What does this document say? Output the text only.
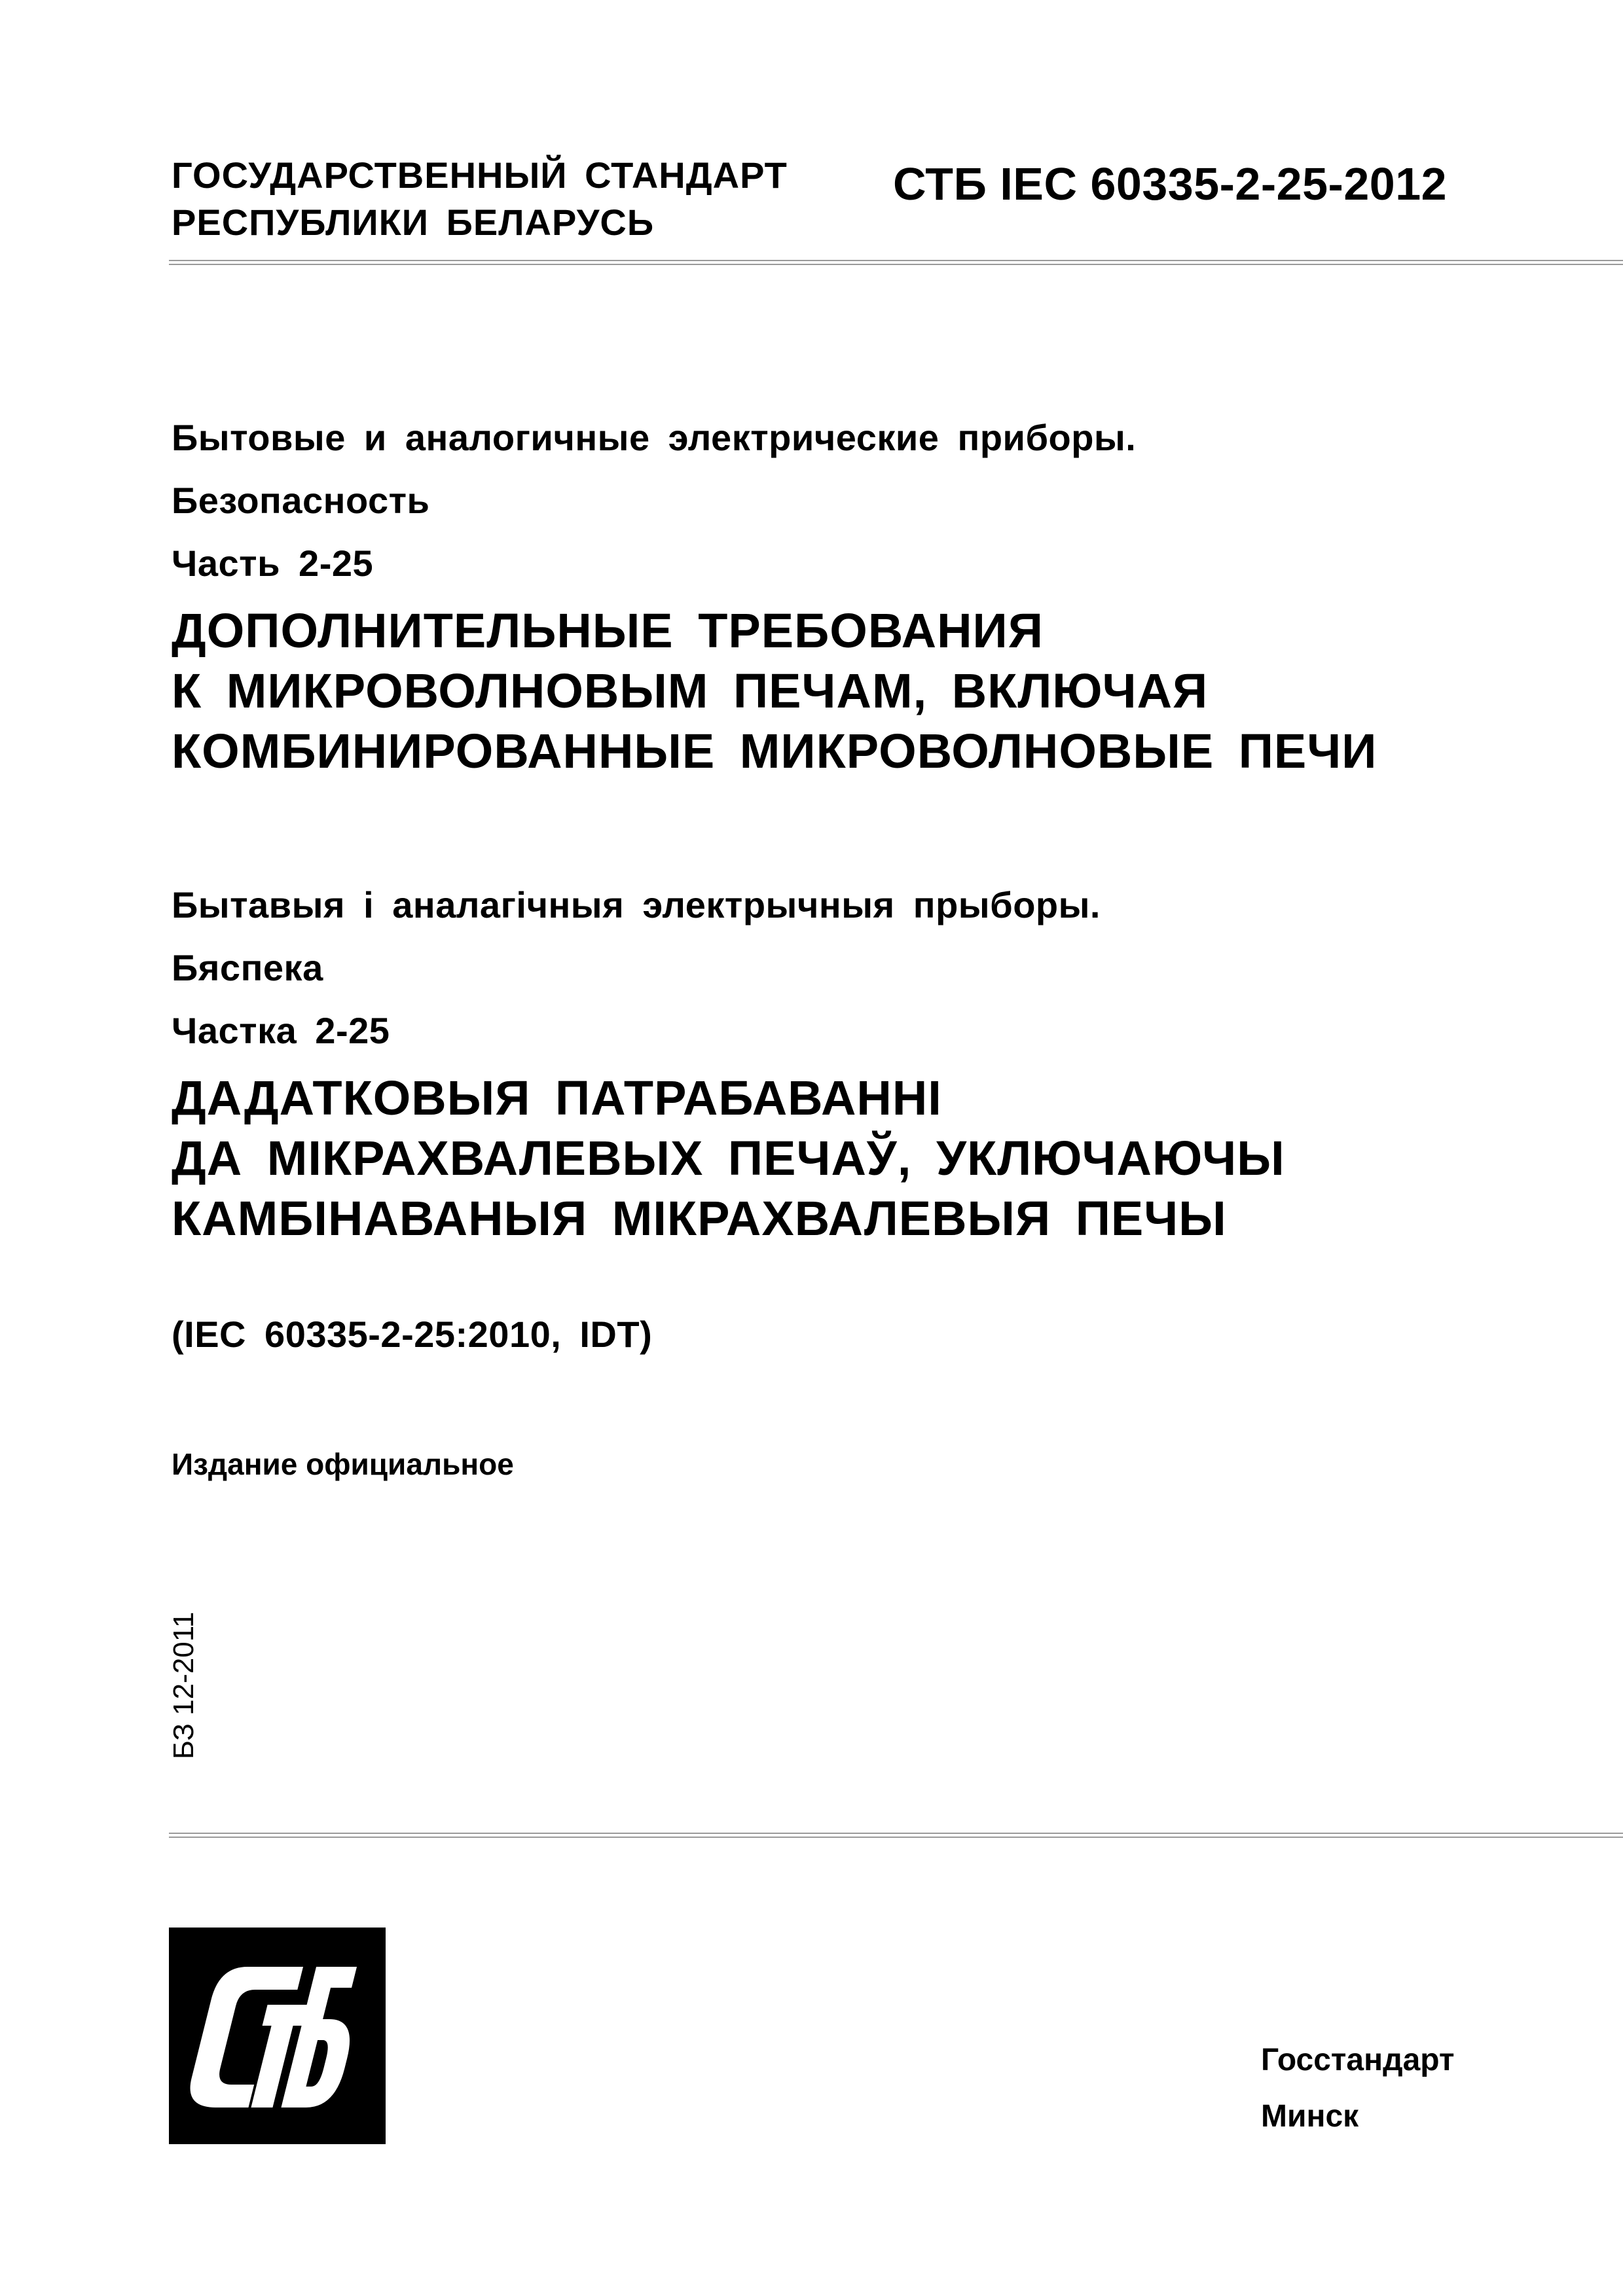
ГОСУДАРСТВЕННЫЙ СТАНДАРТ
РЕСПУБЛИКИ БЕЛАРУСЬ
СТБ IEC 60335-2-25-2012
Бытовые и аналогичные электрические приборы.
Безопасность
Часть 2-25
ДОПОЛНИТЕЛЬНЫЕ ТРЕБОВАНИЯ
К МИКРОВОЛНОВЫМ ПЕЧАМ, ВКЛЮЧАЯ
КОМБИНИРОВАННЫЕ МИКРОВОЛНОВЫЕ ПЕЧИ
Бытавыя і аналагічныя электрычныя прыборы.
Бяспека
Частка 2-25
ДАДАТКОВЫЯ ПАТРАБАВАННІ
ДА МІКРАХВАЛЕВЫХ ПЕЧАЎ, УКЛЮЧАЮЧЫ
КАМБІНАВАНЫЯ МІКРАХВАЛЕВЫЯ ПЕЧЫ
(IEC 60335-2-25:2010, IDT)
Издание официальное
БЗ 12-2011
Госстандарт
Минск
